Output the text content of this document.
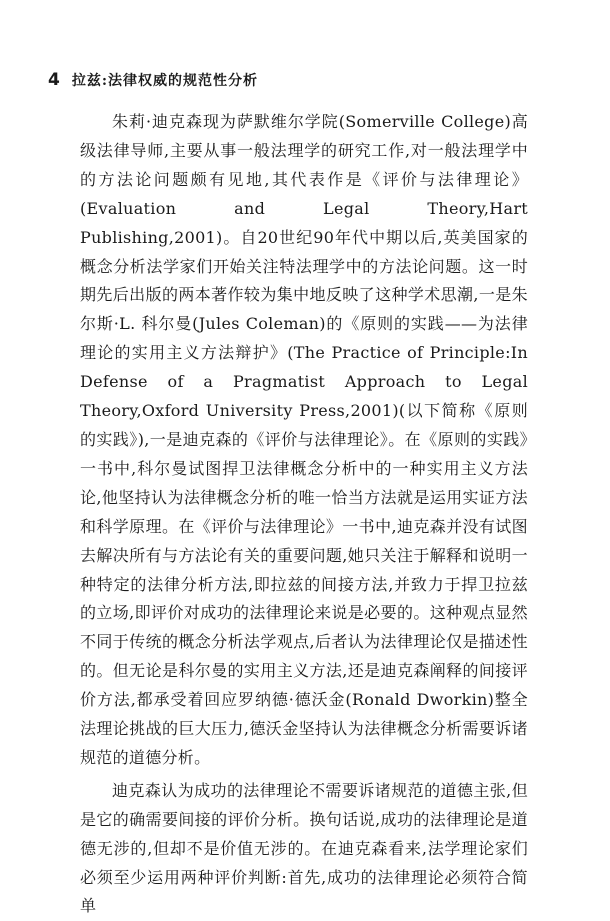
4 拉兹:法律权威的规范性分析

朱莉·迪克森现为萨默维尔学院(Somerville College)高级法律导师,主要从事一般法理学的研究工作,对一般法理学中的方法论问题颇有见地,其代表作是《评价与法律理论》(Evaluation and Legal Theory,Hart Publishing,2001)。自20世纪90年代中期以后,英美国家的概念分析法学家们开始关注特法理学中的方法论问题。这一时期先后出版的两本著作较为集中地反映了这种学术思潮,一是朱尔斯·L. 科尔曼(Jules Coleman)的《原则的实践——为法律理论的实用主义方法辩护》(The Practice of Principle:In Defense of a Pragmatist Approach to Legal Theory,Oxford University Press,2001)(以下简称《原则的实践》),一是迪克森的《评价与法律理论》。在《原则的实践》一书中,科尔曼试图捍卫法律概念分析中的一种实用主义方法论,他坚持认为法律概念分析的唯一恰当方法就是运用实证方法和科学原理。在《评价与法律理论》一书中,迪克森并没有试图去解决所有与方法论有关的重要问题,她只关注于解释和说明一种特定的法律分析方法,即拉兹的间接方法,并致力于捍卫拉兹的立场,即评价对成功的法律理论来说是必要的。这种观点显然不同于传统的概念分析法学观点,后者认为法律理论仅是描述性的。但无论是科尔曼的实用主义方法,还是迪克森阐释的间接评价方法,都承受着回应罗纳德·德沃金(Ronald Dworkin)整全法理论挑战的巨大压力,德沃金坚持认为法律概念分析需要诉诸规范的道德分析。

迪克森认为成功的法律理论不需要诉诸规范的道德主张,但是它的确需要间接的评价分析。换句话说,成功的法律理论是道德无涉的,但却不是价值无涉的。在迪克森看来,法学理论家们必须至少运用两种评价判断:首先,成功的法律理论必须符合简单
